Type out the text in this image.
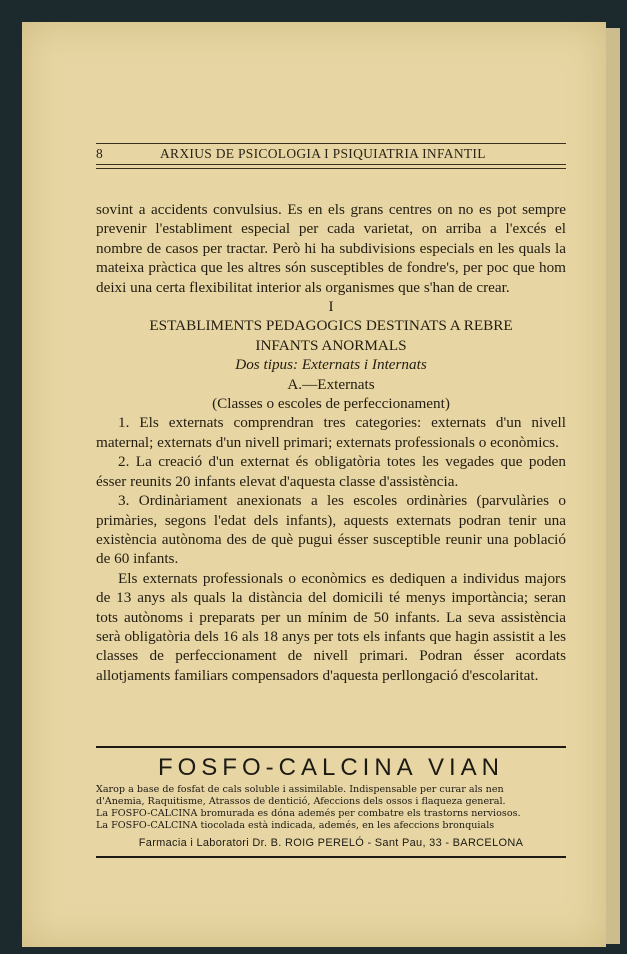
8	ARXIUS DE PSICOLOGIA I PSIQUIATRIA INFANTIL

sovint a accidents convulsius. Es en els grans centres on no es pot sempre prevenir l'establiment especial per cada varietat, on arriba a l'excés el nombre de casos per tractar. Però hi ha subdivisions especials en les quals la mateixa pràctica que les altres són susceptibles de fondre's, per poc que hom deixi una certa flexibilitat interior als organismes que s'han de crear.

I

ESTABLIMENTS PEDAGOGICS DESTINATS A REBRE

INFANTS ANORMALS

Dos tipus: Externats i Internats

A.—Externats

(Classes o escoles de perfeccionament)

1. Els externats comprendran tres categories: externats d'un nivell maternal; externats d'un nivell primari; externats professionals o econòmics.

2. La creació d'un externat és obligatòria totes les vegades que poden ésser reunits 20 infants elevat d'aquesta classe d'assistència.

3. Ordinàriament anexionats a les escoles ordinàries (parvulàries o primàries, segons l'edat dels infants), aquests externats podran tenir una existència autònoma des de què pugui ésser susceptible reunir una població de 60 infants.

Els externats professionals o econòmics es dediquen a individus majors de 13 anys als quals la distància del domicili té menys importància; seran tots autònoms i preparats per un mínim de 50 infants. La seva assistència serà obligatòria dels 16 als 18 anys per tots els infants que hagin assistit a les classes de perfeccionament de nivell primari. Podran ésser acordats allotjaments familiars compensadors d'aquesta perllongació d'escolaritat.

FOSFO-CALCINA VIAN
Xarop a base de fosfat de cals soluble i assimilable. Indispensable per curar als nen
d'Anemia, Raquitisme, Atrassos de dentició, Afeccions dels ossos i flaqueza general.
La FOSFO-CALCINA bromurada es dóna ademés per combatre els trastorns nerviosos.
La FOSFO-CALCINA tiocolada està indicada, ademés, en les afeccions bronquials
Farmacia i Laboratori Dr. B. ROIG PERELÓ - Sant Pau, 33 - BARCELONA
